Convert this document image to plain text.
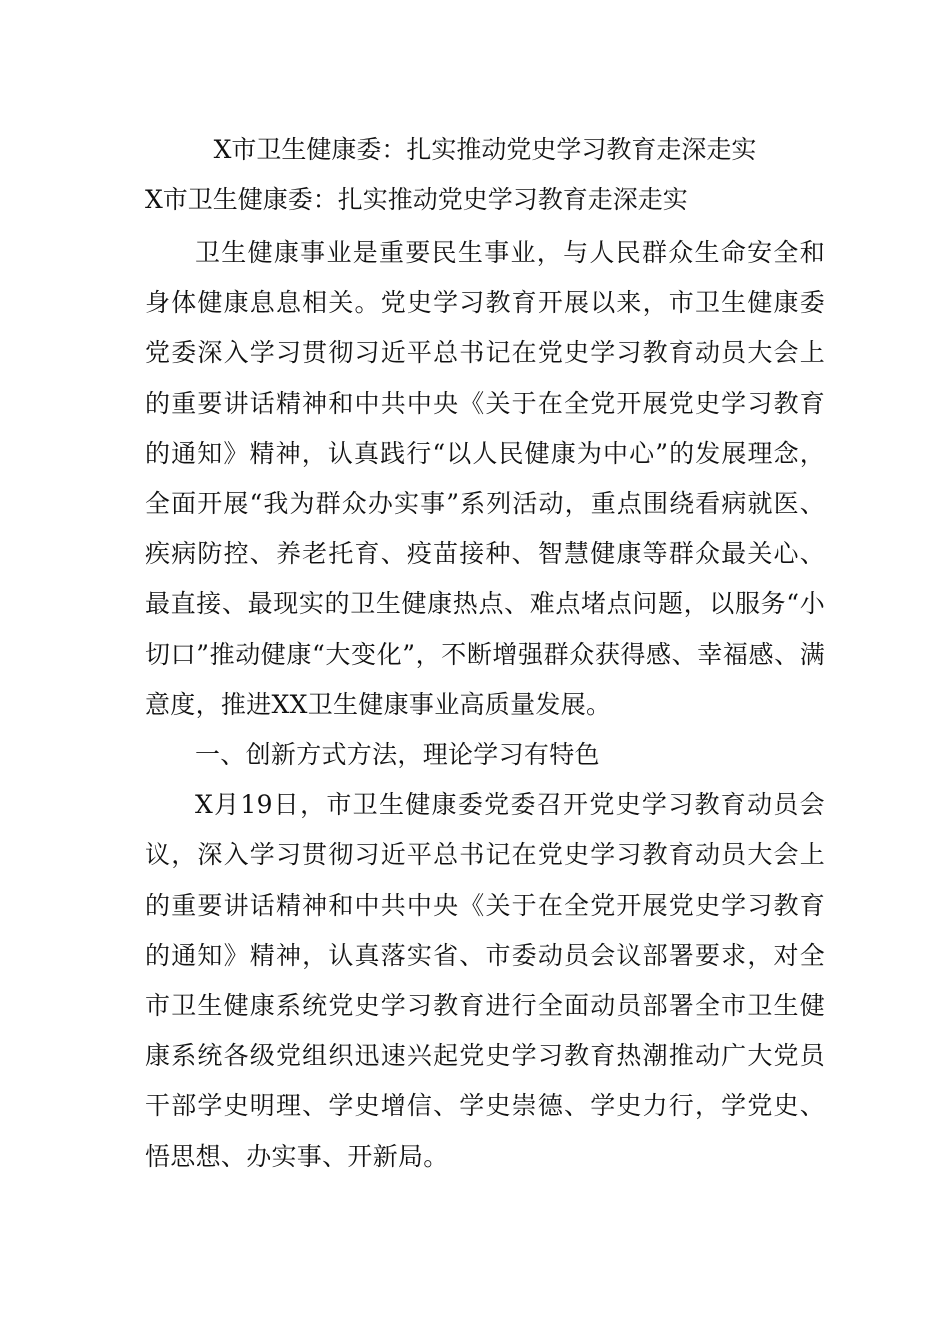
X市卫生健康委：扎实推动党史学习教育走深走实
X市卫生健康委：扎实推动党史学习教育走深走实

卫生健康事业是重要民生事业，与人民群众生命安全和身体健康息息相关。党史学习教育开展以来，市卫生健康委党委深入学习贯彻习近平总书记在党史学习教育动员大会上的重要讲话精神和中共中央《关于在全党开展党史学习教育的通知》精神，认真践行“以人民健康为中心”的发展理念，全面开展“我为群众办实事”系列活动，重点围绕看病就医、疾病防控、养老托育、疫苗接种、智慧健康等群众最关心、最直接、最现实的卫生健康热点、难点堵点问题，以服务“小切口”推动健康“大变化”，不断增强群众获得感、幸福感、满意度，推进XX卫生健康事业高质量发展。

一、创新方式方法，理论学习有特色

X月19日，市卫生健康委党委召开党史学习教育动员会议，深入学习贯彻习近平总书记在党史学习教育动员大会上的重要讲话精神和中共中央《关于在全党开展党史学习教育的通知》精神，认真落实省、市委动员会议部署要求，对全市卫生健康系统党史学习教育进行全面动员部署全市卫生健康系统各级党组织迅速兴起党史学习教育热潮推动广大党员干部学史明理、学史增信、学史崇德、学史力行，学党史、悟思想、办实事、开新局。
